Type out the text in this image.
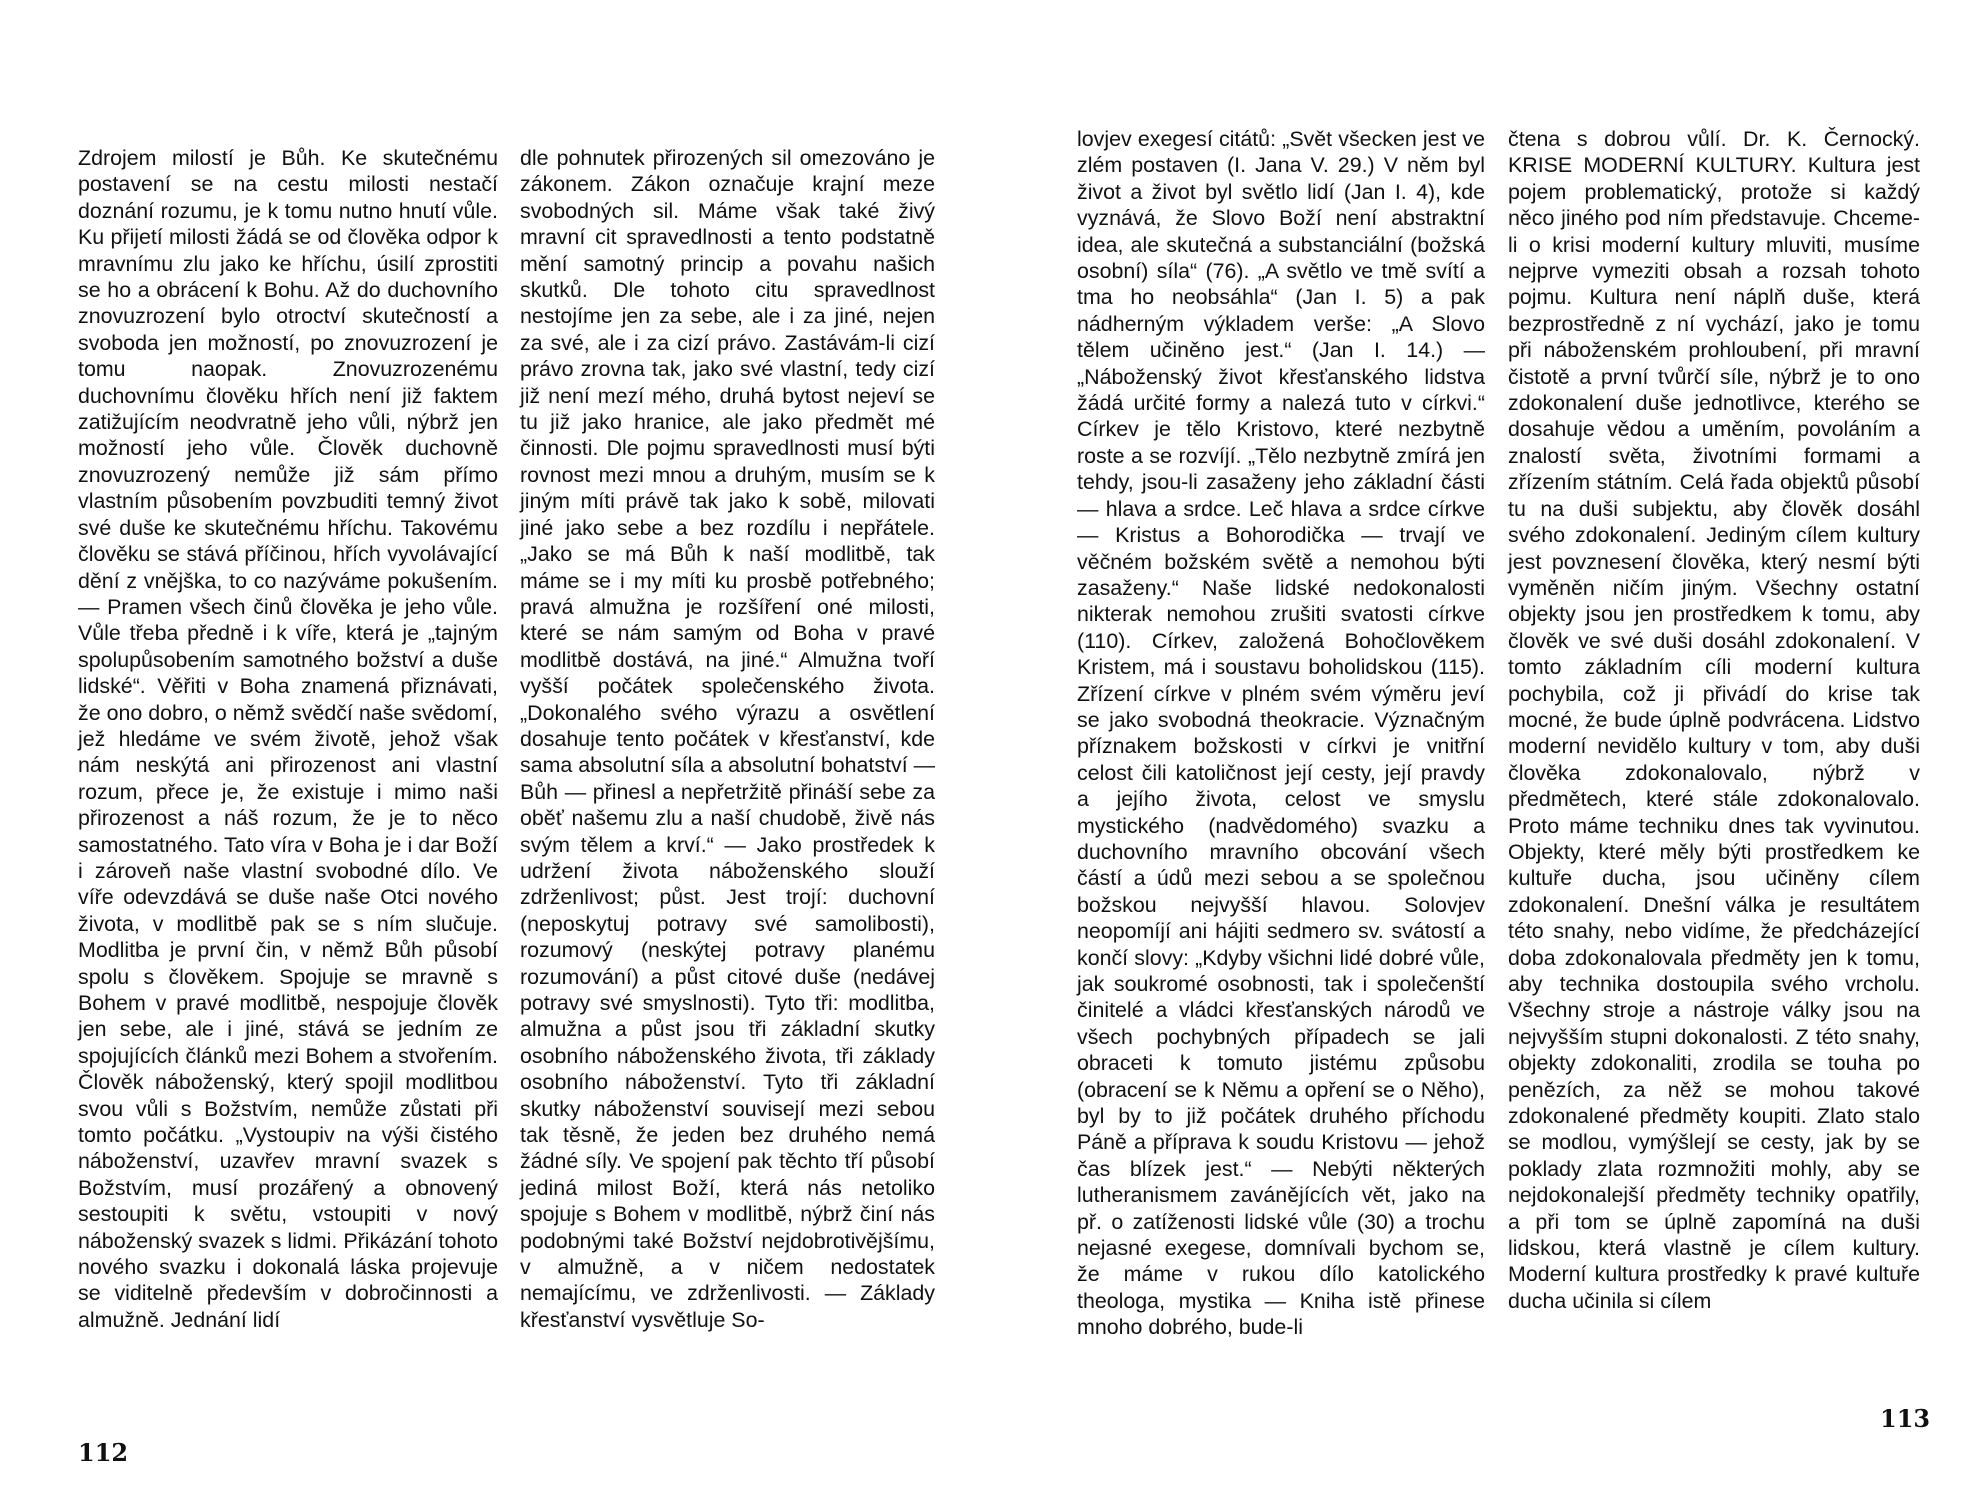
Zdrojem milostí je Bůh. Ke skutečnému postavení se na cestu milosti nestačí doznání rozumu, je k tomu nutno hnutí vůle. Ku přijetí milosti žádá se od člověka odpor k mravnímu zlu jako ke hříchu, úsilí zprostiti se ho a obrácení k Bohu. Až do duchovního znovuzrození bylo otroctví skutečností a svoboda jen možností, po znovuzrození je tomu naopak. Znovuzrozenému duchovnímu člověku hřích není již faktem zatižujícím neodvratně jeho vůli, nýbrž jen možností jeho vůle. Člověk duchovně znovuzrozený nemůže již sám přímo vlastním působením povzbuditi temný život své duše ke skutečnému hříchu. Takovému člověku se stává příčinou, hřích vyvolávající dění z vnějška, to co nazýváme pokušením. — Pramen všech činů člověka je jeho vůle. Vůle třeba předně i k víře, která je „tajným spolupůsobením samotného božství a duše lidské“. Věřiti v Boha znamená přiznávati, že ono dobro, o němž svědčí naše svědomí, jež hledáme ve svém životě, jehož však nám neskýtá ani přirozenost ani vlastní rozum, přece je, že existuje i mimo naši přirozenost a náš rozum, že je to něco samostatného. Tato víra v Boha je i dar Boží i zároveň naše vlastní svobodné dílo. Ve víře odevzdává se duše naše Otci nového života, v modlitbě pak se s ním slučuje. Modlitba je první čin, v němž Bůh působí spolu s člověkem. Spojuje se mravně s Bohem v pravé modlitbě, nespojuje člověk jen sebe, ale i jiné, stává se jedním ze spojujících článků mezi Bohem a stvořením. Člověk náboženský, který spojil modlitbou svou vůli s Božstvím, nemůže zůstati při tomto počátku. „Vystoupiv na výši čistého náboženství, uzavřev mravní svazek s Božstvím, musí prozářený a obnovený sestoupiti k světu, vstoupiti v nový náboženský svazek s lidmi. Přikázání tohoto nového svazku i dokonalá láska projevuje se viditelně především v dobročinnosti a almužně. Jednání lidí
dle pohnutek přirozených sil omezováno je zákonem. Zákon označuje krajní meze svobodných sil. Máme však také živý mravní cit spravedlnosti a tento podstatně mění samotný princip a povahu našich skutků. Dle tohoto citu spravedlnost nestojíme jen za sebe, ale i za jiné, nejen za své, ale i za cizí právo. Zastávám-li cizí právo zrovna tak, jako své vlastní, tedy cizí již není mezí mého, druhá bytost nejeví se tu již jako hranice, ale jako předmět mé činnosti. Dle pojmu spravedlnosti musí býti rovnost mezi mnou a druhým, musím se k jiným míti právě tak jako k sobě, milovati jiné jako sebe a bez rozdílu i nepřátele. „Jako se má Bůh k naší modlitbě, tak máme se i my míti ku prosbě potřebného; pravá almužna je rozšíření oné milosti, které se nám samým od Boha v pravé modlitbě dostává, na jiné.“ Almužna tvoří vyšší počátek společenského života. „Dokonalého svého výrazu a osvětlení dosahuje tento počátek v křesťanství, kde sama absolutní síla a absolutní bohatství — Bůh — přinesl a nepřetržitě přináší sebe za oběť našemu zlu a naší chudobě, živě nás svým tělem a krví.“ — Jako prostředek k udržení života náboženského slouží zdrženlivost; půst. Jest trojí: duchovní (neposkytuj potravy své samolibosti), rozumový (neskýtej potravy planému rozumování) a půst citové duše (nedávej potravy své smyslnosti). Tyto tři: modlitba, almužna a půst jsou tři základní skutky osobního náboženského života, tři základy osobního náboženství. Tyto tři základní skutky náboženství souvisejí mezi sebou tak těsně, že jeden bez druhého nemá žádné síly. Ve spojení pak těchto tří působí jediná milost Boží, která nás netoliko spojuje s Bohem v modlitbě, nýbrž činí nás podobnými také Božství nejdobrotivějšímu, v almužně, a v ničem nedostatek nemajícímu, ve zdrženlivosti. — Základy křesťanství vysvětluje So-
112
lovjev exegesí citátů: „Svět všecken jest ve zlém postaven (I. Jana V. 29.) V něm byl život a život byl světlo lidí (Jan I. 4), kde vyznává, že Slovo Boží není abstraktní idea, ale skutečná a substanciální (božská osobní) síla“ (76). „A světlo ve tmě svítí a tma ho neobsáhla“ (Jan I. 5) a pak nádherným výkladem verše: „A Slovo tělem učiněno jest.“ (Jan I. 14.) — „Náboženský život křesťanského lidstva žádá určité formy a nalezá tuto v církvi.“ Církev je tělo Kristovo, které nezbytně roste a se rozvíjí. „Tělo nezbytně zmírá jen tehdy, jsou-li zasaženy jeho základní části — hlava a srdce. Leč hlava a srdce církve — Kristus a Bohorodička — trvají ve věčném božském světě a nemohou býti zasaženy.“ Naše lidské nedokonalosti nikterak nemohou zrušiti svatosti církve (110). Církev, založená Bohočlověkem Kristem, má i soustavu boholidskou (115). Zřízení církve v plném svém výměru jeví se jako svobodná theokracie. Význačným příznakem božskosti v církvi je vnitřní celost čili katoličnost její cesty, její pravdy a jejího života, celost ve smyslu mystického (nadvědomého) svazku a duchovního mravního obcování všech částí a údů mezi sebou a se společnou božskou nejvyšší hlavou. Solovjev neopomíjí ani hájiti sedmero sv. svátostí a končí slovy: „Kdyby všichni lidé dobré vůle, jak soukromé osobnosti, tak i společenští činitelé a vládci křesťanských národů ve všech pochybných případech se jali obraceti k tomuto jistému způsobu (obracení se k Němu a opření se o Něho), byl by to již počátek druhého příchodu Páně a příprava k soudu Kristovu — jehož čas blízek jest.“ — Nebýti některých lutheranismem zavánějících vět, jako na př. o zatíženosti lidské vůle (30) a trochu nejasné exegese, domnívali bychom se, že máme v rukou dílo katolického theologa, mystika — Kniha istě přinese mnoho dobrého, bude-li
čtena s dobrou vůlí. Dr. K. Černocký. KRISE MODERNÍ KULTURY. Kultura jest pojem problematický, protože si každý něco jiného pod ním představuje. Chceme-li o krisi moderní kultury mluviti, musíme nejprve vymeziti obsah a rozsah tohoto pojmu. Kultura není náplň duše, která bezprostředně z ní vychází, jako je tomu při náboženském prohloubení, při mravní čistotě a první tvůrčí síle, nýbrž je to ono zdokonalení duše jednotlivce, kterého se dosahuje vědou a uměním, povoláním a znalostí světa, životními formami a zřízením státním. Celá řada objektů působí tu na duši subjektu, aby člověk dosáhl svého zdokonalení. Jediným cílem kultury jest povznesení člověka, který nesmí býti vyměněn ničím jiným. Všechny ostatní objekty jsou jen prostředkem k tomu, aby člověk ve své duši dosáhl zdokonalení. V tomto základním cíli moderní kultura pochybila, což ji přivádí do krise tak mocné, že bude úplně podvrácena. Lidstvo moderní nevidělo kultury v tom, aby duši člověka zdokonalovalo, nýbrž v předmětech, které stále zdokonalovalo. Proto máme techniku dnes tak vyvinutou. Objekty, které měly býti prostředkem ke kultuře ducha, jsou učiněny cílem zdokonalení. Dnešní válka je resultátem této snahy, nebo vidíme, že předcházející doba zdokonalovala předměty jen k tomu, aby technika dostoupila svého vrcholu. Všechny stroje a nástroje války jsou na nejvyšším stupni dokonalosti. Z této snahy, objekty zdokonaliti, zrodila se touha po penězích, za něž se mohou takové zdokonalené předměty koupiti. Zlato stalo se modlou, vymýšlejí se cesty, jak by se poklady zlata rozmnožiti mohly, aby se nejdokonalejší předměty techniky opatřily, a při tom se úplně zapomíná na duši lidskou, která vlastně je cílem kultury. Moderní kultura prostředky k pravé kultuře ducha učinila si cílem
113
